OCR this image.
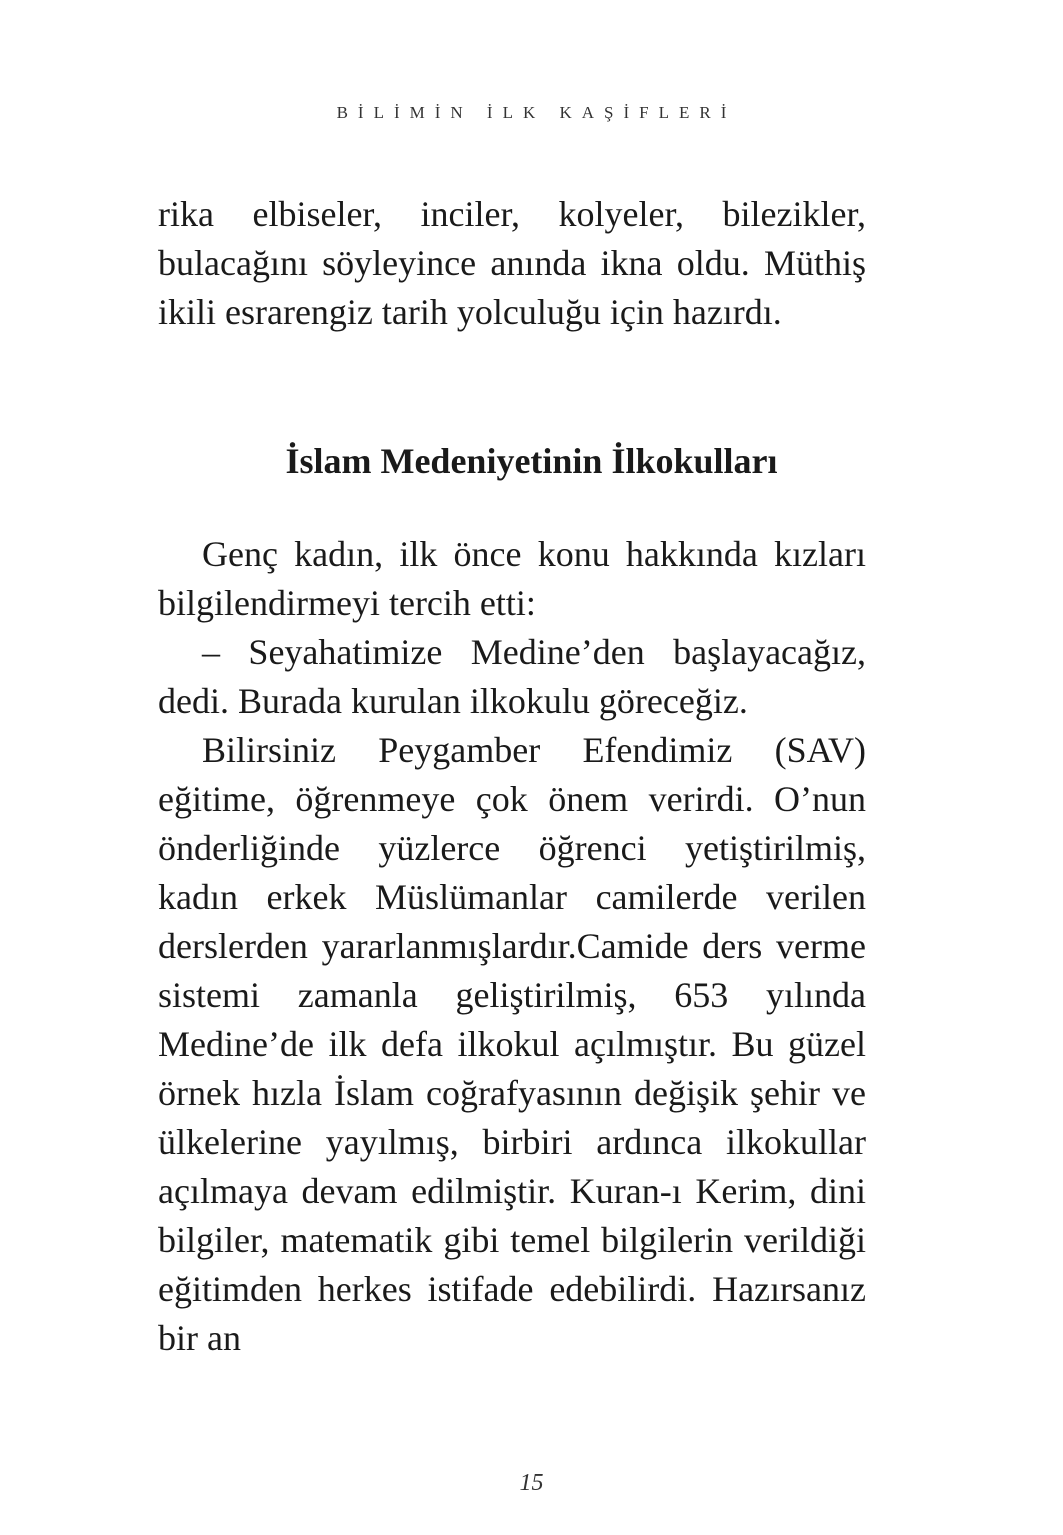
BİLİMİN İLK KAŞİFLERİ

rika elbiseler, inciler, kolyeler, bilezikler, bulacağını söyleyince anında ikna oldu. Müthiş ikili esrarengiz tarih yolculuğu için hazırdı.

İslam Medeniyetinin İlkokulları

Genç kadın, ilk önce konu hakkında kızları bilgilendirmeyi tercih etti:

– Seyahatimize Medine’den başlayacağız, dedi. Burada kurulan ilkokulu göreceğiz.

Bilirsiniz Peygamber Efendimiz (SAV) eğitime, öğrenmeye çok önem verirdi. O’nun önderliğinde yüzlerce öğrenci yetiştirilmiş, kadın erkek Müslümanlar camilerde verilen derslerden yararlanmışlardır.Camide ders verme sistemi zamanla geliştirilmiş, 653 yılında Medine’de ilk defa ilkokul açılmıştır. Bu güzel örnek hızla İslam coğrafyasının değişik şehir ve ülkelerine yayılmış, birbiri ardınca ilkokullar açılmaya devam edilmiştir. Kuran-ı Kerim, dini bilgiler, matematik gibi temel bilgilerin verildiği eğitimden herkes istifade edebilirdi. Hazırsanız bir an

15
